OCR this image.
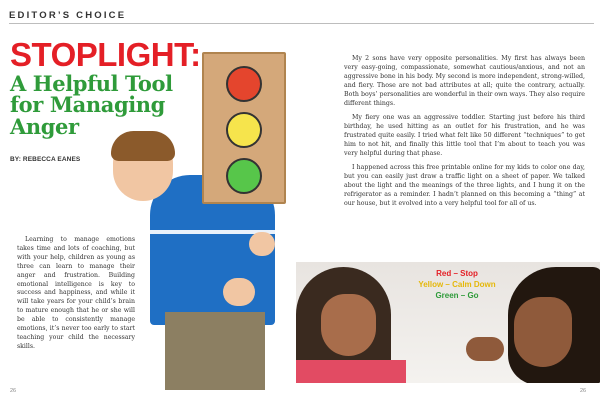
EDITOR’S CHOICE
STOPLIGHT:
A Helpful Tool for Managing Anger
BY: REBECCA EANES
Learning to manage emotions takes time and lots of coaching, but with your help, children as young as three can learn to manage their anger and frustration. Building emotional intelligence is key to success and happiness, and while it will take years for your child’s brain to mature enough that he or she will be able to consistently manage emotions, it’s never too early to start teaching your child the necessary skills.

My 2 sons have very opposite personalities. My first has always been very easy-going, compassionate, somewhat cautious/anxious, and not an aggressive bone in his body. My second is more independent, strong-willed, and fiery. Those are not bad attributes at all; quite the contrary, actually. Both boys’ personalities are wonderful in their own ways. They also require different things.

My fiery one was an aggressive toddler. Starting just before his third birthday, he used hitting as an outlet for his frustration, and he was frustrated quite easily. I tried what felt like 50 different “techniques” to get him to not hit, and finally this little tool that I’m about to teach you was very helpful during that phase.

I happened across this free printable online for my kids to color one day, but you can easily just draw a traffic light on a sheet of paper. We talked about the light and the meanings of the three lights, and I hung it on the refrigerator as a reminder. I hadn’t planned on this becoming a “thing” at our house, but it evolved into a very helpful tool for all of us.

Red – Stop
Yellow – Calm Down
Green – Go
26	26
